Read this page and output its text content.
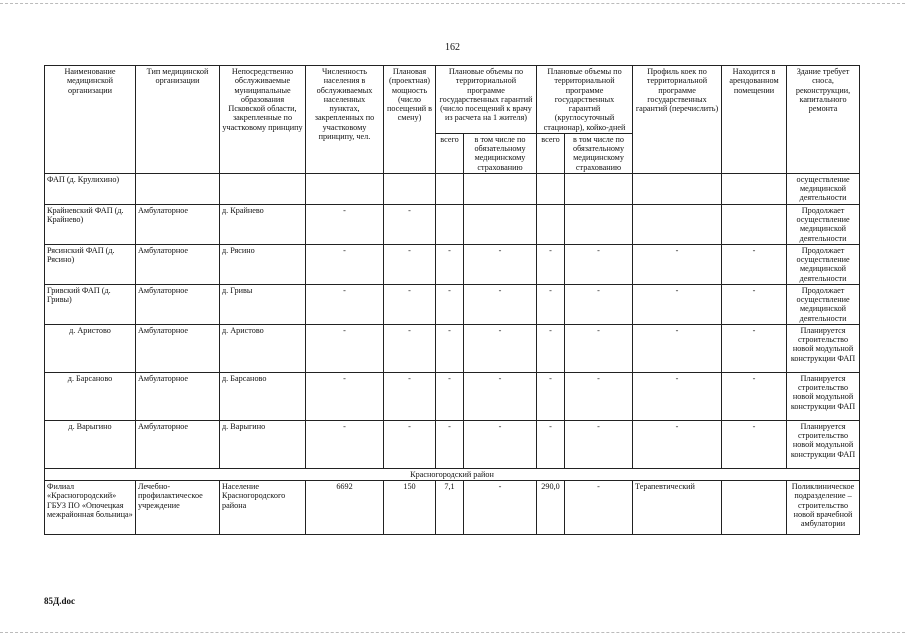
162
Наименование медицинской организации	Тип медицинской организации	Непосредственно обслуживаемые муниципальные образования Псковской области, закрепленные по участковому принципу	Численность населения в обслуживаемых населенных пунктах, закрепленных по участковому принципу, чел.	Плановая (проектная) мощность (число посещений в смену)	Плановые объемы по территориальной программе государственных гарантий (число посещений к врачу из расчета на 1 жителя)		Плановые объемы по территориальной программе государственных гарантий (круглосуточный стационар), койко-дней		Профиль коек по территориальной программе государственных гарантий (перечислить)	Находится в арендованном помещении	Здание требует сноса, реконструкции, капитального ремонта
					всего	в том числе по обязательному медицинскому страхованию	всего	в том числе по обязательному медицинскому страхованию			
ФАП (д. Крулихино)											осуществление медицинской деятельности
Крайневский ФАП (д. Крайнево)	Амбулаторное	д. Крайнево	-	-							Продолжает осуществление медицинской деятельности
Рясинский ФАП (д. Рясино)	Амбулаторное	д. Рясино	-	-	-	-	-	-	-	-	Продолжает осуществление медицинской деятельности
Гривский ФАП (д. Гривы)	Амбулаторное	д. Гривы	-	-	-	-	-	-	-	-	Продолжает осуществление медицинской деятельности
д. Аристово	Амбулаторное	д. Аристово	-	-	-	-	-	-	-	-	Планируется строительство новой модульной конструкции ФАП
д. Барсаново	Амбулаторное	д. Барсаново	-	-	-	-	-	-	-	-	Планируется строительство новой модульной конструкции ФАП
д. Варыгино	Амбулаторное	д. Варыгино	-	-	-	-	-	-	-	-	Планируется строительство новой модульной конструкции ФАП
Красногородский район											
Филиал «Красногородский» ГБУЗ ПО «Опочецкая межрайонная больница»	Лечебно-профилактическое учреждение	Население Красногородского района	6692	150	7,1	-	290,0	-	Терапевтический		Поликлиническое подразделение – строительство новой врачебной амбулатории
85Д.doc
